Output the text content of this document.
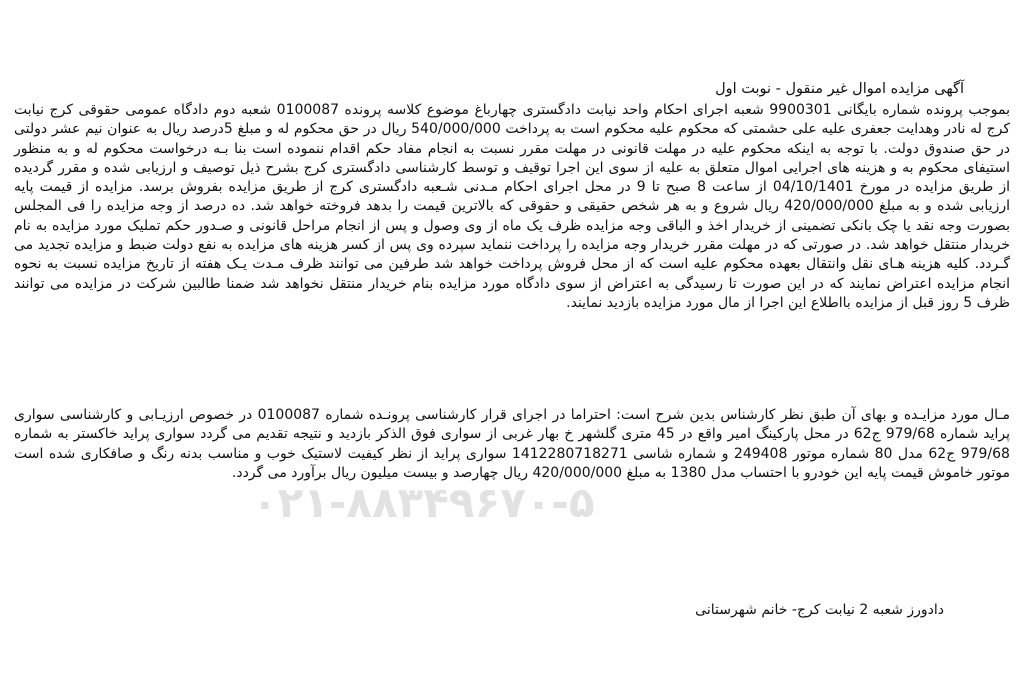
آگهی مزایده اموال غیر منقول - نوبت اول
بموجب پرونده شماره بایگانی 9900301 شعبه اجرای احکام واحد نیابت دادگستری چهارباغ موضوع کلاسه پرونده 0100087 شعبه دوم دادگاه عمومی حقوقی کرج نیابت کرج له نادر وهدایت جعفری علیه علی حشمتی که محکوم علیه محکوم است به پرداخت 540/000/000 ریال در حق محکوم له و مبلغ 5درصد ریال به عنوان نیم عشر دولتی در حق صندوق دولت. با توجه به اینکه محکوم علیه در مهلت قانونی در مهلت مقرر نسبت به انجام مفاد حکم اقدام ننموده است بنا بـه درخواست محکوم له و به منظور استیفای محکوم به و هزینه های اجرایی اموال متعلق به علیه از سوی این اجرا توقیف و توسط کارشناسی دادگستری کرج بشرح ذیل توصیف و ارزیابی شده و مقرر گردیده از طریق مزایده در مورخ 04/10/1401 از ساعت 8 صبح تا 9 در محل اجرای احکام مـدنی شـعبه دادگستری کرج از طریق مزایده بفروش برسد. مزایده از قیمت پایه ارزیابی شده و به مبلغ 420/000/000 ریال شروع و به هر شخص حقیقی و حقوقی که بالاترین قیمت را بدهد فروخته خواهد شد. ده درصد از وجه مزایده را فی المجلس بصورت وجه نقد یا چک بانکی تضمینی از خریدار اخذ و الباقی وجه مزایده ظرف یک ماه از وی وصول و پس از انجام مراحل قانونی و صـدور حکم تملیک مورد مزایده به نام خریدار منتقل خواهد شد. در صورتی که در مهلت مقرر خریدار وجه مزایده را پرداخت ننماید سپرده وی پس از کسر هزینه های مزایده به نفع دولت ضبط و مزایده تجدید می گـردد. کلیه هزینه هـای نقل وانتقال بعهده محکوم علیه است که از محل فروش پرداخت خواهد شد طرفین می توانند ظرف مـدت یـک هفته از تاریخ مزایده نسبت به نحوه انجام مزایده اعتراض نمایند که در این صورت تا رسیدگی به اعتراض از سوی دادگاه مورد مزایده بنام خریدار منتقل نخواهد شد ضمنا طالبین شرکت در مزایده می توانند ظرف 5 روز قبل از مزایده بااطلاع این اجرا از مال مورد مزایده بازدید نمایند.
مـال مورد مزایـده و بهای آن طبق نظر کارشناس بدین شرح است: احتراما در اجرای قرار کارشناسی پرونـده شماره 0100087 در خصوص ارزیـابی و کارشناسی سواری پراید شماره 979/68 ج62 در محل پارکینگ امیر واقع در 45 متری گلشهر خ بهار غربی از سواری فوق الذکر بازدید و نتیجه تقدیم می گردد سواری پراید خاکستر به شماره 979/68 ج62 مدل 80 شماره موتور 249408 و شماره شاسی 1412280718271 سواری پراید از نظر کیفیت لاستیک خوب و مناسب بدنه رنگ و صافکاری شده است موتور خاموش قیمت پایه این خودرو با احتساب مدل 1380 به مبلغ 420/000/000 ریال چهارصد و بیست میلیون ریال برآورد می گردد.
دادورز شعبه 2 نیابت کرج- خانم شهرستانی
۰۲۱-۸۸۳۴۹۶۷۰-۵
